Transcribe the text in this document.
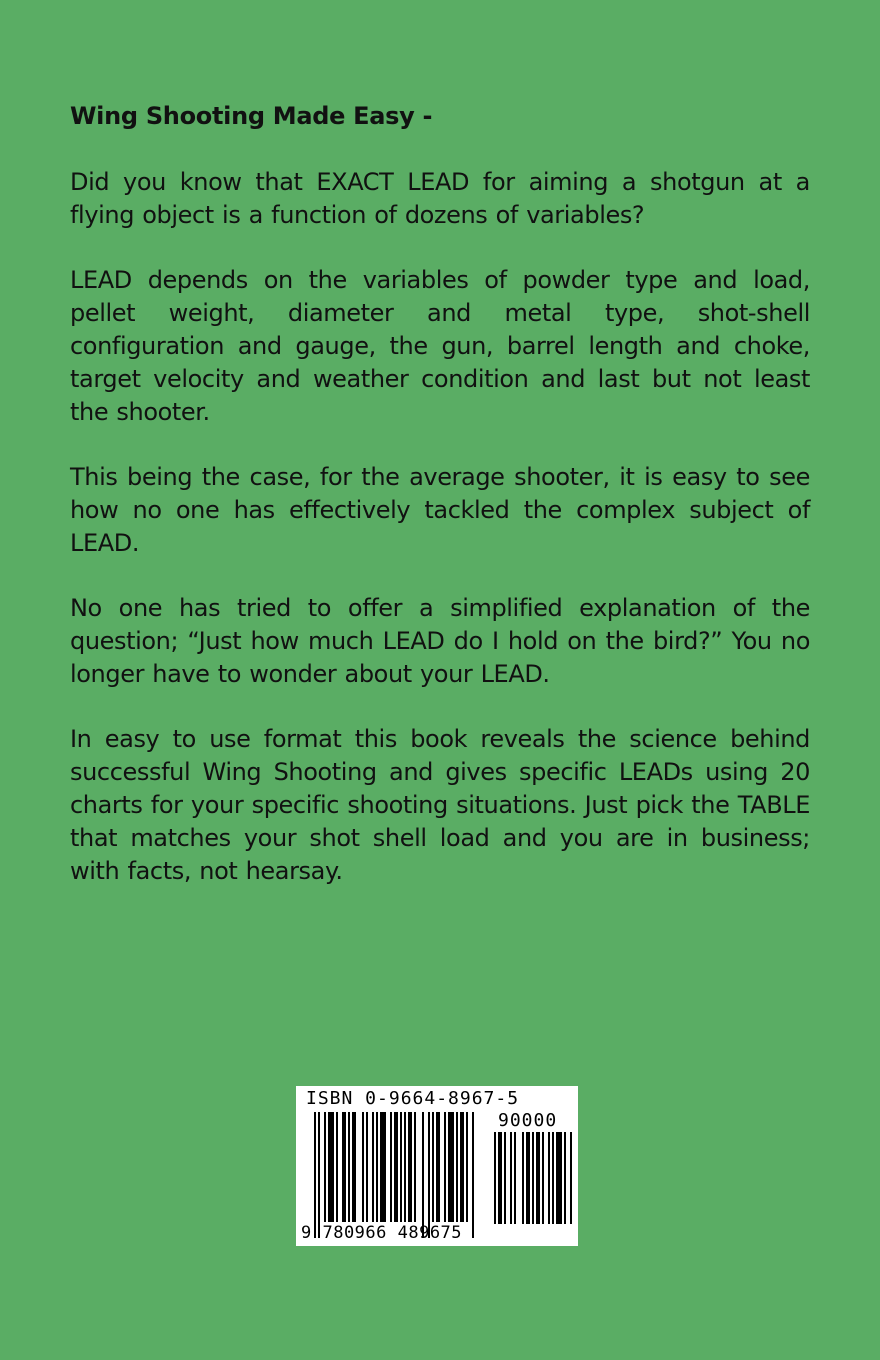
Wing Shooting Made Easy -

Did you know that EXACT LEAD for aiming a shotgun at a flying object is a function of dozens of variables?

LEAD depends on the variables of powder type and load, pellet weight, diameter and metal type, shot-shell configuration and gauge, the gun, barrel length and choke, target velocity and weather condition and last but not least the shooter.

This being the case, for the average shooter, it is easy to see how no one has effectively tackled the complex subject of LEAD.

No one has tried to offer a simplified explanation of the question; “Just how much LEAD do I hold on the bird?” You no longer have to wonder about your LEAD.

In easy to use format this book reveals the science behind successful Wing Shooting and gives specific LEADs using 20 charts for your specific shooting situations. Just pick the TABLE that matches your shot shell load and you are in business; with facts, not hearsay.

ISBN 0-9664-8967-5
90000
9 780966 489675
